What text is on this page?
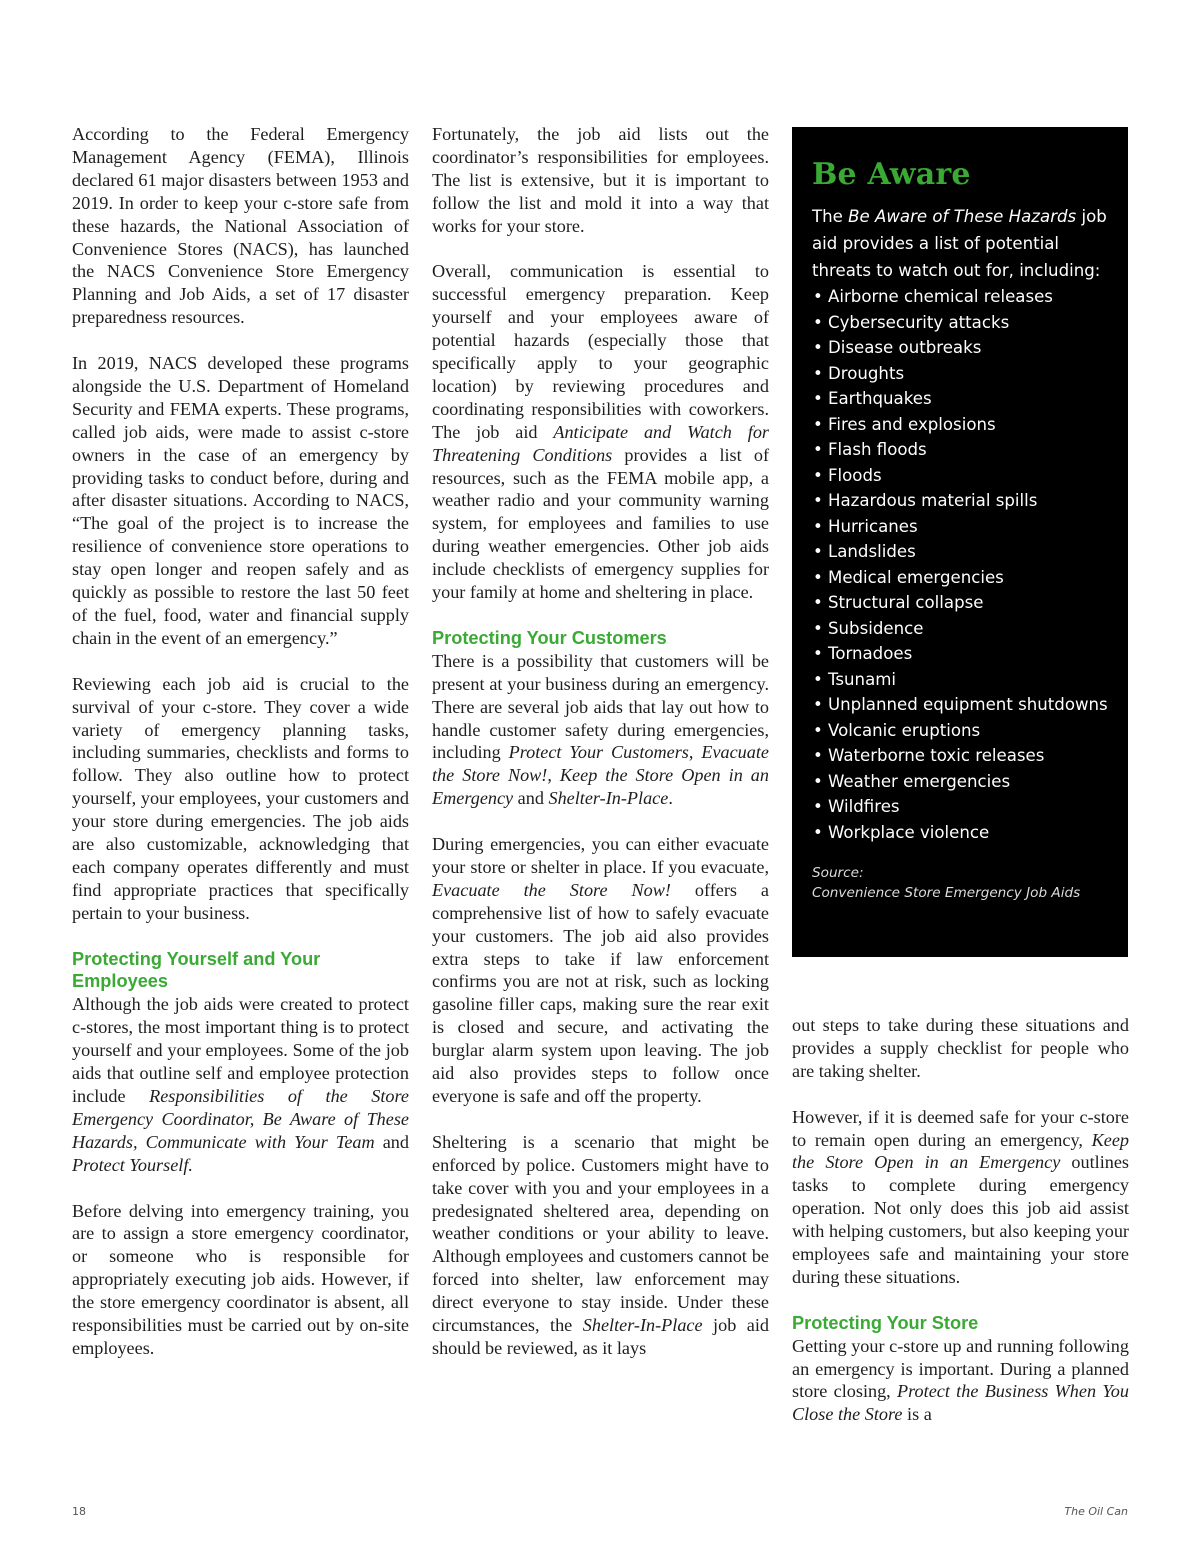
According to the Federal Emergency Management Agency (FEMA), Illinois declared 61 major disasters between 1953 and 2019. In order to keep your c-store safe from these hazards, the National Association of Convenience Stores (NACS), has launched the NACS Convenience Store Emergency Planning and Job Aids, a set of 17 disaster preparedness resources.

In 2019, NACS developed these programs alongside the U.S. Department of Homeland Security and FEMA experts. These programs, called job aids, were made to assist c-store owners in the case of an emergency by providing tasks to conduct before, during and after disaster situations. According to NACS, “The goal of the project is to increase the resilience of convenience store operations to stay open longer and reopen safely and as quickly as possible to restore the last 50 feet of the fuel, food, water and financial supply chain in the event of an emergency.”

Reviewing each job aid is crucial to the survival of your c-store. They cover a wide variety of emergency planning tasks, including summaries, checklists and forms to follow. They also outline how to protect yourself, your employees, your customers and your store during emergencies. The job aids are also customizable, acknowledging that each company operates differently and must find appropriate practices that specifically pertain to your business.

Protecting Yourself and Your Employees

Although the job aids were created to protect c-stores, the most important thing is to protect yourself and your employees. Some of the job aids that outline self and employee protection include Responsibilities of the Store Emergency Coordinator, Be Aware of These Hazards, Communicate with Your Team and Protect Yourself.

Before delving into emergency training, you are to assign a store emergency coordinator, or someone who is responsible for appropriately executing job aids. However, if the store emergency coordinator is absent, all responsibilities must be carried out by on-site employees.

Fortunately, the job aid lists out the coordinator’s responsibilities for employees. The list is extensive, but it is important to follow the list and mold it into a way that works for your store.

Overall, communication is essential to successful emergency preparation. Keep yourself and your employees aware of potential hazards (especially those that specifically apply to your geographic location) by reviewing procedures and coordinating responsibilities with coworkers. The job aid Anticipate and Watch for Threatening Conditions provides a list of resources, such as the FEMA mobile app, a weather radio and your community warning system, for employees and families to use during weather emergencies. Other job aids include checklists of emergency supplies for your family at home and sheltering in place.

Protecting Your Customers

There is a possibility that customers will be present at your business during an emergency. There are several job aids that lay out how to handle customer safety during emergencies, including Protect Your Customers, Evacuate the Store Now!, Keep the Store Open in an Emergency and Shelter-In-Place.

During emergencies, you can either evacuate your store or shelter in place. If you evacuate, Evacuate the Store Now! offers a comprehensive list of how to safely evacuate your customers. The job aid also provides extra steps to take if law enforcement confirms you are not at risk, such as locking gasoline filler caps, making sure the rear exit is closed and secure, and activating the burglar alarm system upon leaving. The job aid also provides steps to follow once everyone is safe and off the property.

Sheltering is a scenario that might be enforced by police. Customers might have to take cover with you and your employees in a predesignated sheltered area, depending on weather conditions or your ability to leave. Although employees and customers cannot be forced into shelter, law enforcement may direct everyone to stay inside. Under these circumstances, the Shelter-In-Place job aid should be reviewed, as it lays

Be Aware
The Be Aware of These Hazards job aid provides a list of potential threats to watch out for, including:
• Airborne chemical releases
• Cybersecurity attacks
• Disease outbreaks
• Droughts
• Earthquakes
• Fires and explosions
• Flash floods
• Floods
• Hazardous material spills
• Hurricanes
• Landslides
• Medical emergencies
• Structural collapse
• Subsidence
• Tornadoes
• Tsunami
• Unplanned equipment shutdowns
• Volcanic eruptions
• Waterborne toxic releases
• Weather emergencies
• Wildfires
• Workplace violence
Source:
Convenience Store Emergency Job Aids

out steps to take during these situations and provides a supply checklist for people who are taking shelter.

However, if it is deemed safe for your c-store to remain open during an emergency, Keep the Store Open in an Emergency outlines tasks to complete during emergency operation. Not only does this job aid assist with helping customers, but also keeping your employees safe and maintaining your store during these situations.

Protecting Your Store

Getting your c-store up and running following an emergency is important. During a planned store closing, Protect the Business When You Close the Store is a

18	The Oil Can
